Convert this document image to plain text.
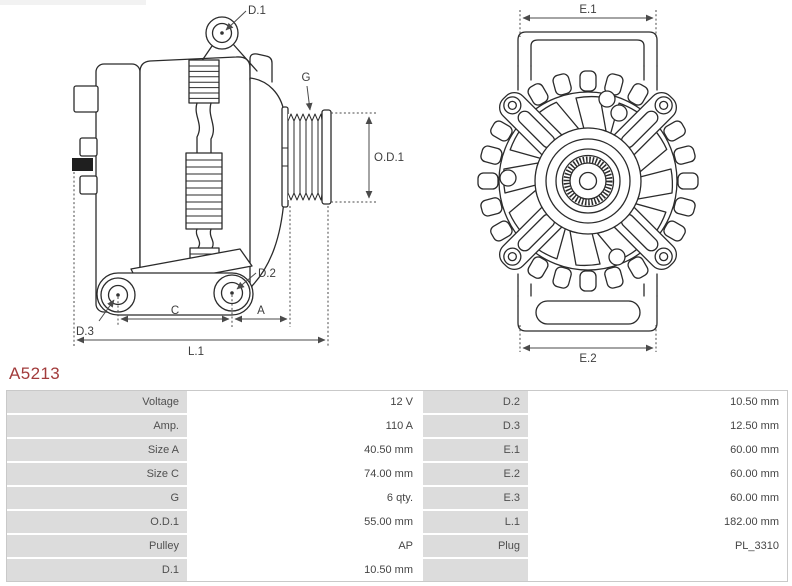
D.1
G
O.D.1
D.2
D.3
C	A
L.1
E.1
E.2
A5213
Voltage	12 V	D.2	10.50 mm
Amp.	110 A	D.3	12.50 mm
Size A	40.50 mm	E.1	60.00 mm
Size C	74.00 mm	E.2	60.00 mm
G	6 qty.	E.3	60.00 mm
O.D.1	55.00 mm	L.1	182.00 mm
Pulley	AP	Plug	PL_3310
D.1	10.50 mm
